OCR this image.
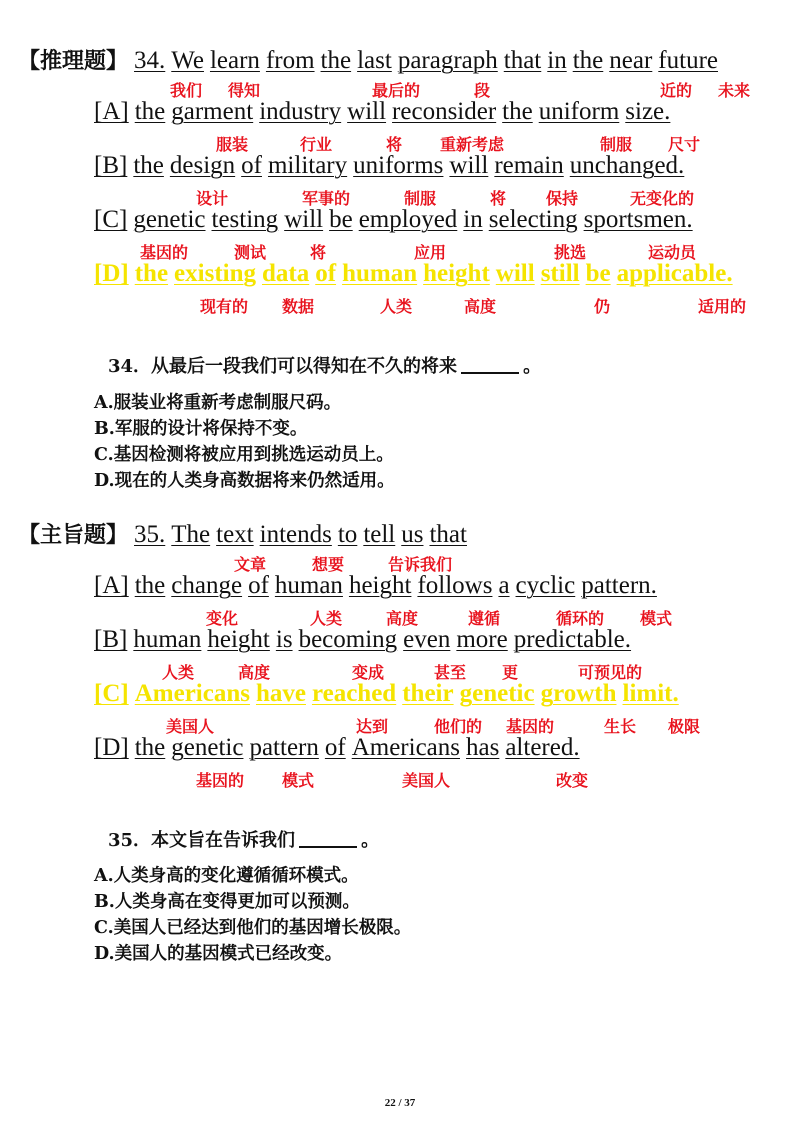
【推理题】 34. We learn from the last paragraph that in the near future
我们 得知	最后的	段	近的 未来
[A] the garment industry will reconsider the uniform size.
服装	行业	将 重新考虑	制服 尺寸
[B] the design of military uniforms will remain unchanged.
设计	军事的	制服	将 保持	无变化的
[C] genetic testing will be employed in selecting sportsmen.
基因的	测试	将	应用	挑选	运动员
[D] the existing data of human height will still be applicable.
现有的 数据	人类	高度	仍	适用的
34．从最后一段我们可以得知在不久的将来	。
A.服装业将重新考虑制服尺码。
B.军服的设计将保持不变。
C.基因检测将被应用到挑选运动员上。
D.现在的人类身高数据将来仍然适用。
【主旨题】 35. The text intends to tell us that
文章	想要	告诉我们
[A] the change of human height follows a cyclic pattern.
变化	人类	高度	遵循	循环的 模式
[B] human height is becoming even more predictable.
人类	高度	变成	甚至 更	可预见的
[C] Americans have reached their genetic growth limit.
美国人	达到	他们的 基因的	生长 极限
[D] the genetic pattern of Americans has altered.
基因的 模式	美国人	改变
35．本文旨在告诉我们	。
A.人类身高的变化遵循循环模式。
B.人类身高在变得更加可以预测。
C.美国人已经达到他们的基因增长极限。
D.美国人的基因模式已经改变。
22 / 37
